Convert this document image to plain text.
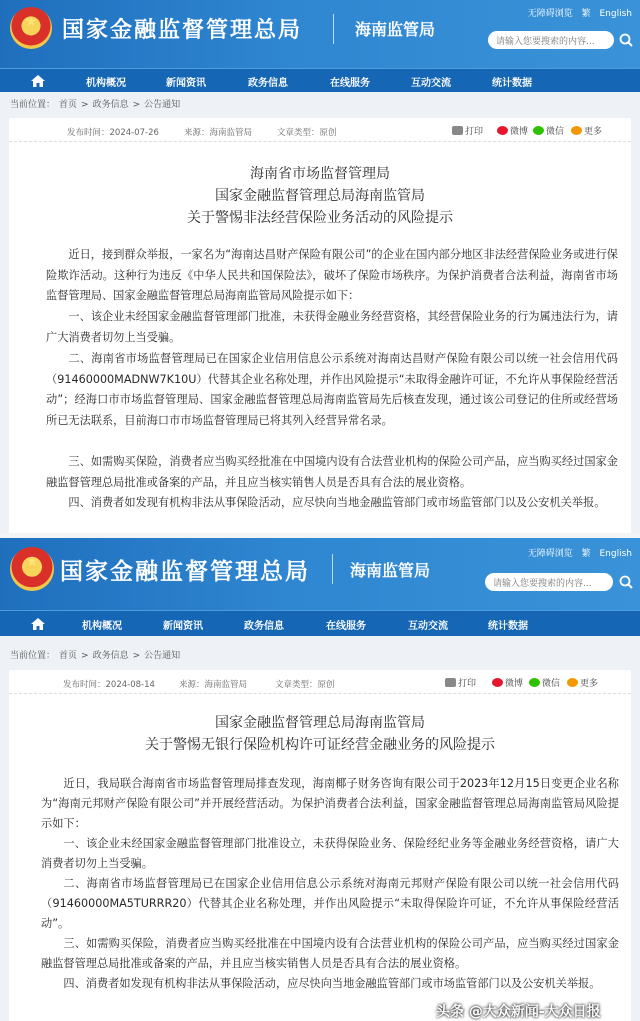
★	国家金融监督管理总局	海南监管局
无障碍浏览 繁 English
请输入您要搜索的内容...
机构概况	新闻资讯	政务信息	在线服务	互动交流	统计数据
当前位置： 首页 > 政务信息 > 公告通知
发布时间：2024-07-26	来源：海南监管局	文章类型：原创	打印	微博	微信	更多
海南省市场监督管理局
国家金融监督管理总局海南监管局
关于警惕非法经营保险业务活动的风险提示

近日，接到群众举报，一家名为“海南达昌财产保险有限公司”的企业在国内部分地区非法经营保险业务或进行保险欺诈活动。这种行为违反《中华人民共和国保险法》，破坏了保险市场秩序。为保护消费者合法利益，海南省市场监督管理局、国家金融监督管理总局海南监管局风险提示如下：

一、该企业未经国家金融监督管理部门批准，未获得金融业务经营资格，其经营保险业务的行为属违法行为，请广大消费者切勿上当受骗。

二、海南省市场监督管理局已在国家企业信用信息公示系统对海南达昌财产保险有限公司以统一社会信用代码（91460000MADNW7K10U）代替其企业名称处理，并作出风险提示“未取得金融许可证，不允许从事保险经营活动”；经海口市市场监督管理局、国家金融监督管理总局海南监管局先后核查发现，通过该公司登记的住所或经营场所已无法联系，目前海口市市场监督管理局已将其列入经营异常名录。

三、如需购买保险，消费者应当购买经批准在中国境内设有合法营业机构的保险公司产品，应当购买经过国家金融监督管理总局批准或备案的产品，并且应当核实销售人员是否具有合法的展业资格。

四、消费者如发现有机构非法从事保险活动，应尽快向当地金融监管部门或市场监管部门以及公安机关举报。

★ 国家金融监督管理总局	海南监管局
无障碍浏览 繁 English
请输入您要搜索的内容...
机构概况	新闻资讯	政务信息	在线服务	互动交流	统计数据
当前位置： 首页 > 政务信息 > 公告通知
发布时间：2024-08-14	来源：海南监管局	文章类型：原创	打印	微博	微信	更多
国家金融监督管理总局海南监管局
关于警惕无银行保险机构许可证经营金融业务的风险提示

近日，我局联合海南省市场监督管理局排查发现，海南椰子财务咨询有限公司于2023年12月15日变更企业名称为“海南元邦财产保险有限公司”并开展经营活动。为保护消费者合法利益，国家金融监督管理总局海南监管局风险提示如下：

一、该企业未经国家金融监督管理部门批准设立，未获得保险业务、保险经纪业务等金融业务经营资格，请广大消费者切勿上当受骗。

二、海南省市场监督管理局已在国家企业信用信息公示系统对海南元邦财产保险有限公司以统一社会信用代码（91460000MA5TURRR20）代替其企业名称处理，并作出风险提示“未取得保险许可证，不允许从事保险经营活动”。

三、如需购买保险，消费者应当购买经批准在中国境内设有合法营业机构的保险公司产品，应当购买经过国家金融监督管理总局批准或备案的产品，并且应当核实销售人员是否具有合法的展业资格。

四、消费者如发现有机构非法从事保险活动，应尽快向当地金融监管部门或市场监管部门以及公安机关举报。

头条 @大众新闻-大众日报
